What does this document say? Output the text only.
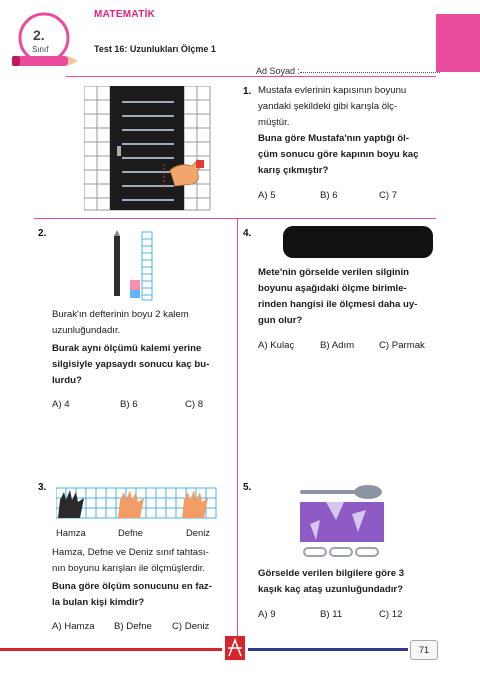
2.
Sınıf
MATEMATİK
Test 16: Uzunlukları Ölçme 1
Ad Soyad :
1. Mustafa evlerinin kapısının boyunu
yandaki şekildeki gibi karışla ölç-
müştür.
Buna göre Mustafa'nın yaptığı öl-
çüm sonucu göre kapının boyu kaç
karış çıkmıştır?
A) 5	B) 6	C) 7
2.
Burak'ın defterinin boyu 2 kalem
uzunluğundadır.
Burak aynı ölçümü kalemi yerine
silgisiyle yapsaydı sonucu kaç bu-
lurdu?
A) 4	B) 6	C) 8
4.
Mete'nin görselde verilen silginin
boyunu aşağıdaki ölçme birimle-
rinden hangisi ile ölçmesi daha uy-
gun olur?
A) Kulaç	B) Adım	C) Parmak
3.
Hamza	Defne	Deniz
Hamza, Defne ve Deniz sınıf tahtası-
nın boyunu karışları ile ölçmüşlerdir.
Buna göre ölçüm sonucunu en faz-
la bulan kişi kimdir?
A) Hamza B) Defne C) Deniz
5.
Görselde verilen bilgilere göre 3
kaşık kaç ataş uzunluğundadır?
A) 9	B) 11	C) 12
71
